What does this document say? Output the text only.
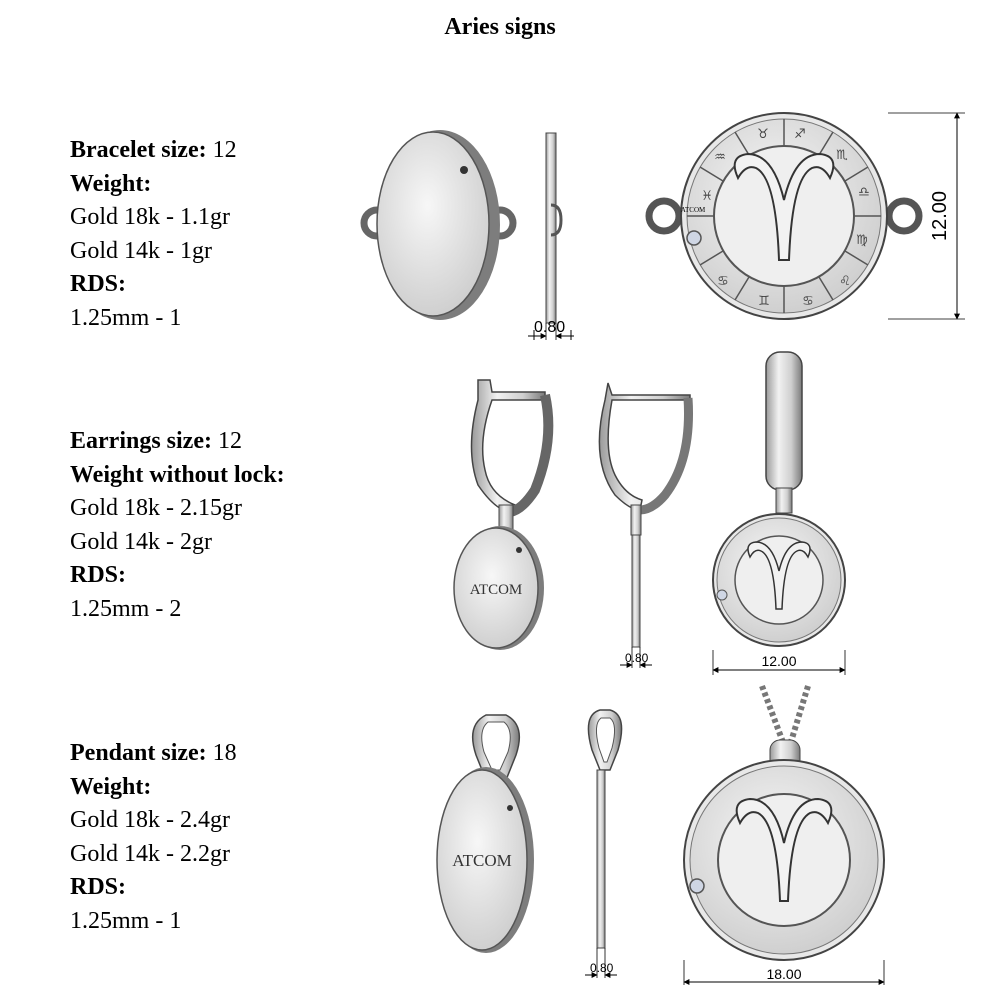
Aries signs
Bracelet size: 12
Weight:
Gold 18k - 1.1gr
Gold 14k - 1gr
RDS:
1.25mm - 1
Earrings size: 12
Weight without lock:
Gold 18k - 2.15gr
Gold 14k - 2gr
RDS:
1.25mm - 2
Pendant size: 18
Weight:
Gold 18k - 2.4gr
Gold 14k - 2.2gr
RDS:
1.25mm - 1
0.80
ATCOM
♉ ♐
♏
♎
♍
♌
♋
♊
♋
♓
♒
12.00
ATCOM
0.80	12.00
ATCOM
0.80	18.00
